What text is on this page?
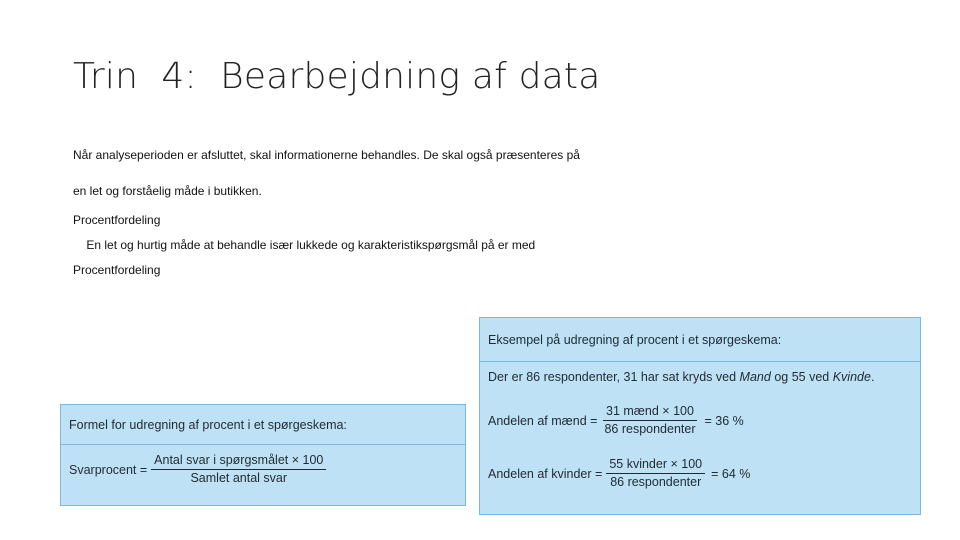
Trin  4:  Bearbejdning af data
Når analyseperioden er afsluttet, skal informationerne behandles. De skal også præsenteres på
en let og forståelig måde i butikken.
Procentfordeling
En let og hurtig måde at behandle især lukkede og karakteristikspørgsmål på er med
Procentfordeling
Formel for udregning af procent i et spørgeskema:
Svarprocent = $\frac{\text{Antal svar i spørgsmålet × 100}}{\text{Samlet antal svar}}$
Eksempel på udregning af procent i et spørgeskema:
Der er 86 respondenter, 31 har sat kryds ved
Mand
og 55 ved
Kvinde .
Andelen af mænd = $\frac{\text{31 mænd × 100}}{\text{86 respondenter}} = 36$ %
Andelen af kvinder = $\frac{\text{55 kvinder × 100}}{\text{86 respondenter}} = 64$ %
